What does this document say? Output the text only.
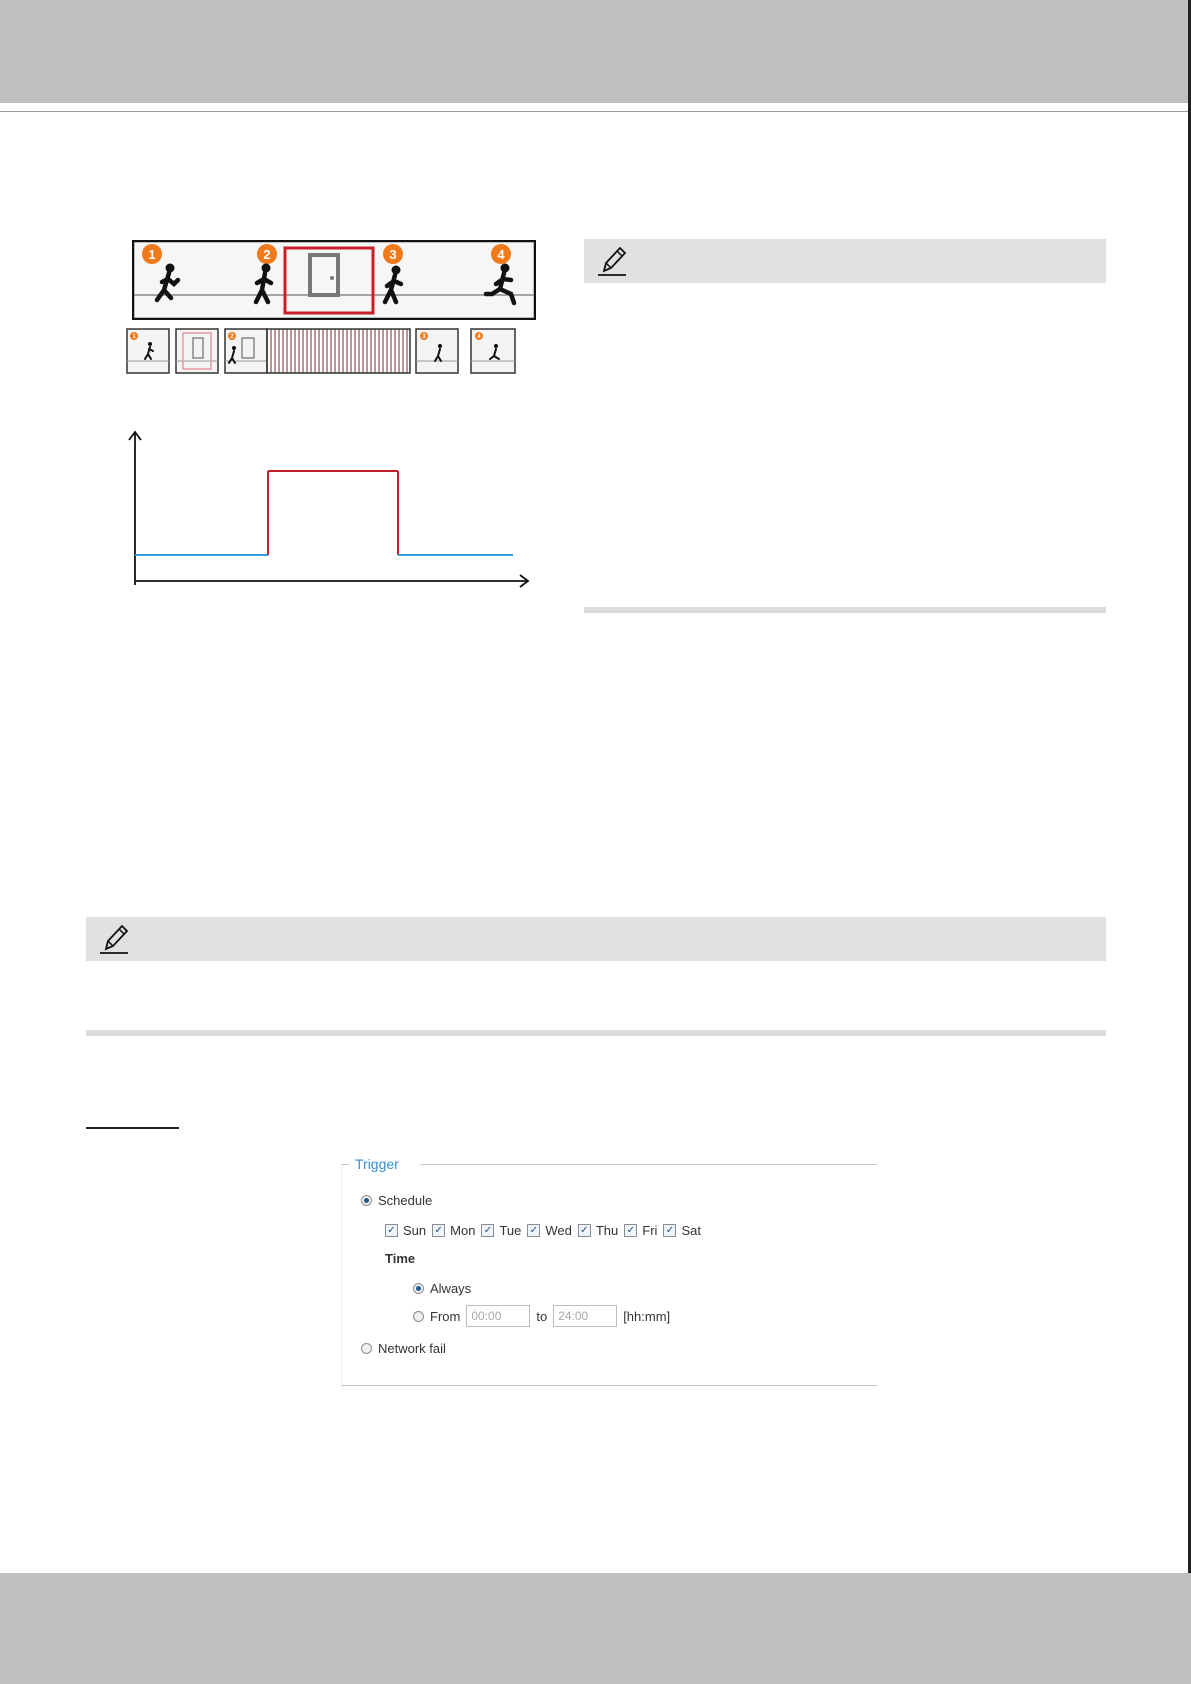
1	2	3	4
1	2	3	4
Trigger
Schedule
✓ Sun ✓ Mon ✓ Tue ✓ Wed ✓ Thu ✓ Fri ✓ Sat
Time
Always
From 00:00	to 24:00	[hh:mm]
Network fail
